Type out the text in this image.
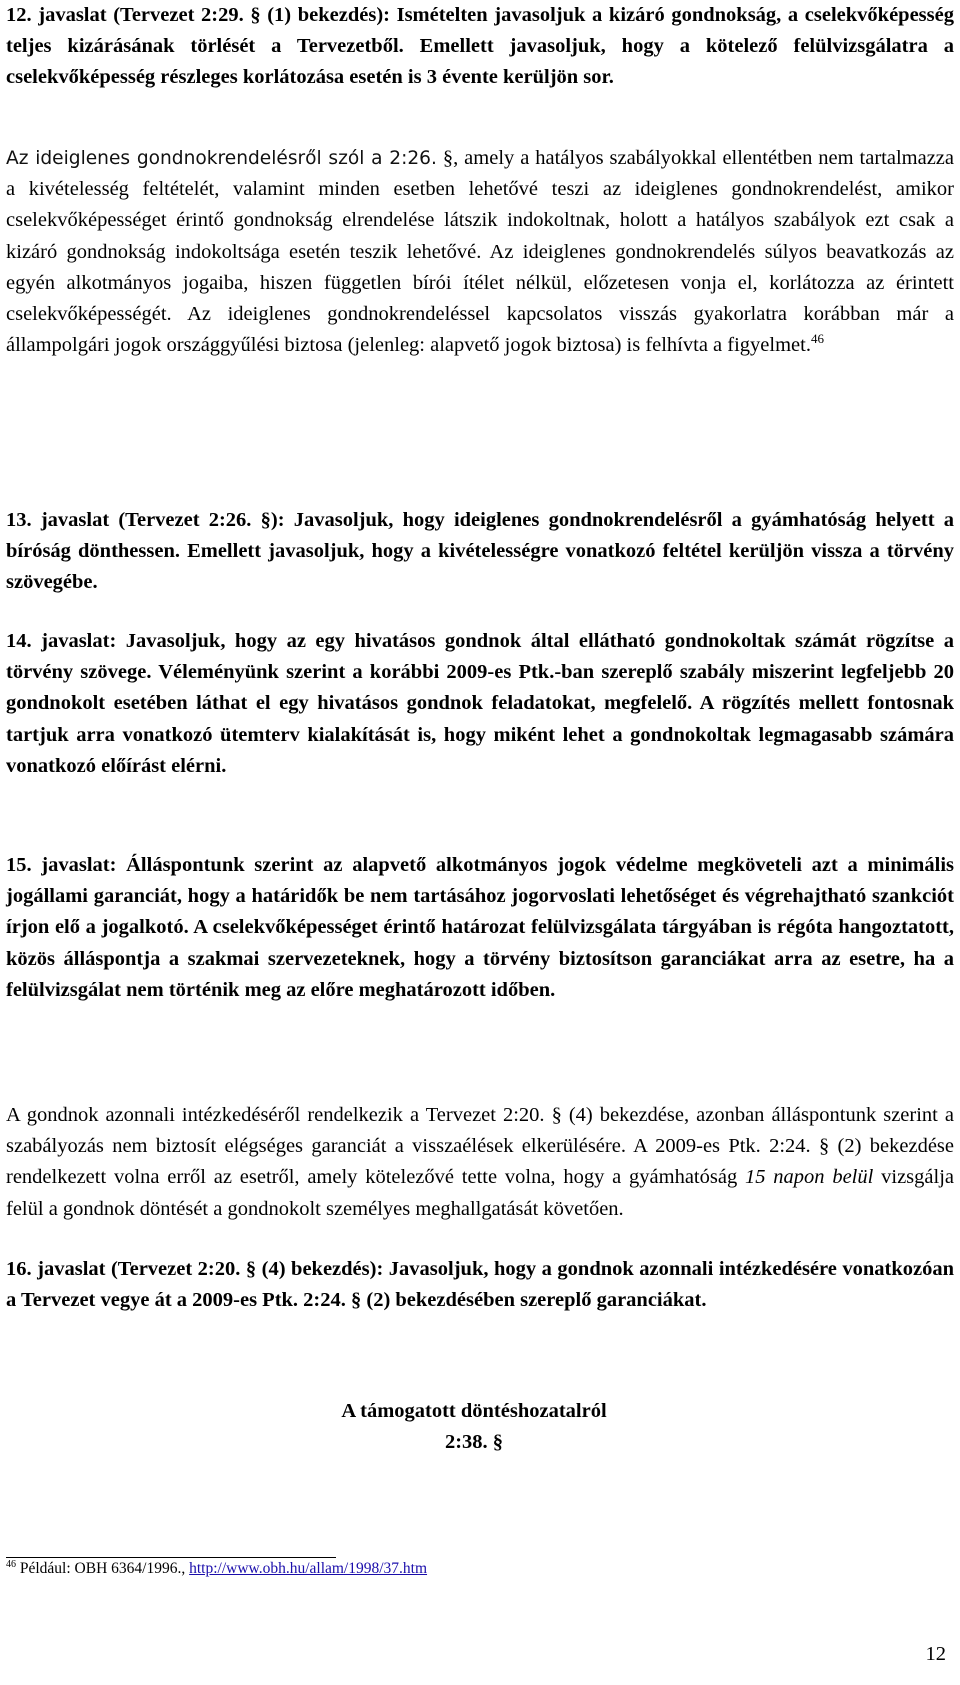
12. javaslat (Tervezet 2:29. § (1) bekezdés): Ismételten javasoljuk a kizáró gondnokság, a cselekvőképesség teljes kizárásának törlését a Tervezetből. Emellett javasoljuk, hogy a kötelező felülvizsgálatra a cselekvőképesség részleges korlátozása esetén is 3 évente kerüljön sor.

Az ideiglenes gondnokrendelésről szól a 2:26. §, amely a hatályos szabályokkal ellentétben nem tartalmazza a kivételesség feltételét, valamint minden esetben lehetővé teszi az ideiglenes gondnokrendelést, amikor cselekvőképességet érintő gondnokság elrendelése látszik indokoltnak, holott a hatályos szabályok ezt csak a kizáró gondnokság indokoltsága esetén teszik lehetővé. Az ideiglenes gondnokrendelés súlyos beavatkozás az egyén alkotmányos jogaiba, hiszen független bírói ítélet nélkül, előzetesen vonja el, korlátozza az érintett cselekvőképességét. Az ideiglenes gondnokrendeléssel kapcsolatos visszás gyakorlatra korábban már a állampolgári jogok országgyűlési biztosa (jelenleg: alapvető jogok biztosa) is felhívta a figyelmet.$^{46}$

13. javaslat (Tervezet 2:26. §): Javasoljuk, hogy ideiglenes gondnokrendelésről a gyámhatóság helyett a bíróság dönthessen. Emellett javasoljuk, hogy a kivételességre vonatkozó feltétel kerüljön vissza a törvény szövegébe.

14. javaslat: Javasoljuk, hogy az egy hivatásos gondnok által ellátható gondnokoltak számát rögzítse a törvény szövege. Véleményünk szerint a korábbi 2009-es Ptk.-ban szereplő szabály miszerint legfeljebb 20 gondnokolt esetében láthat el egy hivatásos gondnok feladatokat, megfelelő. A rögzítés mellett fontosnak tartjuk arra vonatkozó ütemterv kialakítását is, hogy miként lehet a gondnokoltak legmagasabb számára vonatkozó előírást elérni.

15. javaslat: Álláspontunk szerint az alapvető alkotmányos jogok védelme megköveteli azt a minimális jogállami garanciát, hogy a határidők be nem tartásához jogorvoslati lehetőséget és végrehajtható szankciót írjon elő a jogalkotó. A cselekvőképességet érintő határozat felülvizsgálata tárgyában is régóta hangoztatott, közös álláspontja a szakmai szervezeteknek, hogy a törvény biztosítson garanciákat arra az esetre, ha a felülvizsgálat nem történik meg az előre meghatározott időben.

A gondnok azonnali intézkedéséről rendelkezik a Tervezet 2:20. § (4) bekezdése, azonban álláspontunk szerint a szabályozás nem biztosít elégséges garanciát a visszaélések elkerülésére. A 2009-es Ptk. 2:24. § (2) bekezdése rendelkezett volna erről az esetről, amely kötelezővé tette volna, hogy a gyámhatóság 15 napon belül vizsgálja felül a gondnok döntését a gondnokolt személyes meghallgatását követően.

16. javaslat (Tervezet 2:20. § (4) bekezdés): Javasoljuk, hogy a gondnok azonnali intézkedésére vonatkozóan a Tervezet vegye át a 2009-es Ptk. 2:24. § (2) bekezdésében szereplő garanciákat.

A támogatott döntéshozatalról
2:38. §
$^{46}$ Például: OBH 6364/1996., http://www.obh.hu/allam/1998/37.htm
12
